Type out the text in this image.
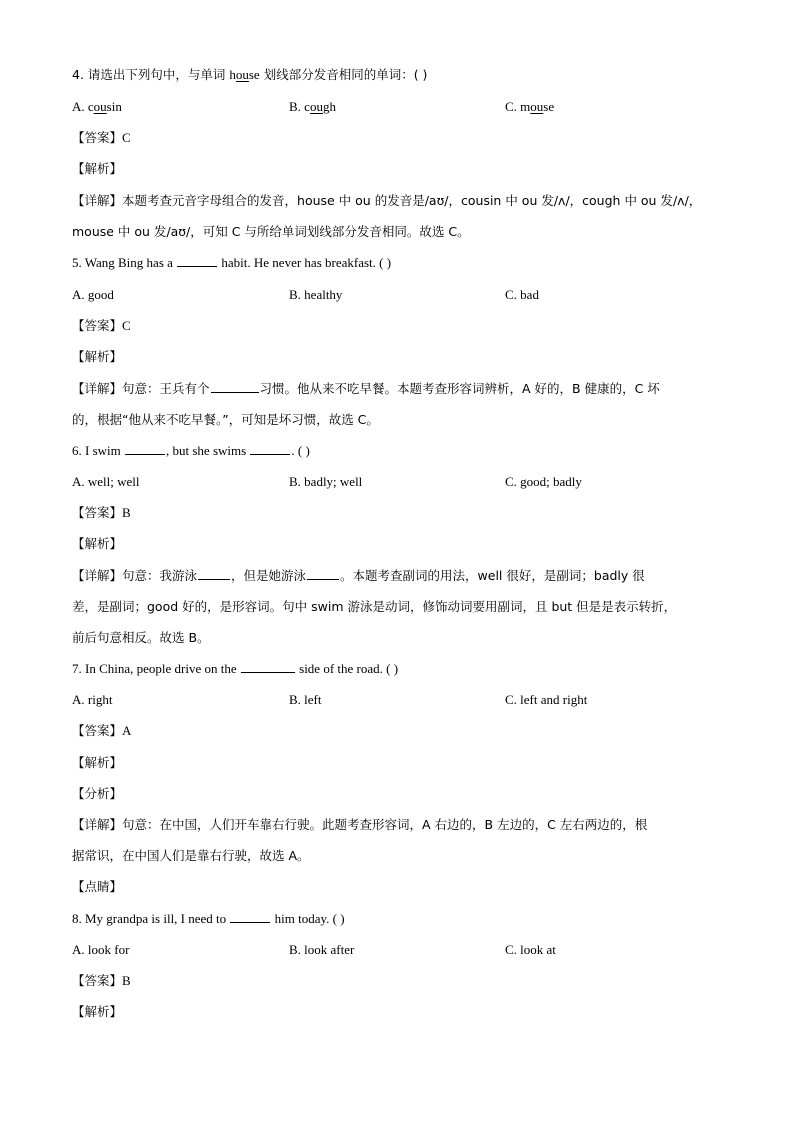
4. 请选出下列句中，与单词 house 划线部分发音相同的单词：( )
A. cousin	B. cough	C. mouse
【答案】C
【解析】
【详解】本题考查元音字母组合的发音，house 中 ou 的发音是/aʊ/，cousin 中 ou 发/ʌ/，cough 中 ou 发/ʌ/，
mouse 中 ou 发/aʊ/，可知 C 与所给单词划线部分发音相同。故选 C。
5. Wang Bing has a	habit. He never has breakfast. ( )
A. good	B. healthy	C. bad
【答案】C
【解析】
【详解】句意：王兵有个	习惯。他从来不吃早餐。本题考查形容词辨析，A 好的，B 健康的，C 坏
的，根据“他从来不吃早餐。”，可知是坏习惯，故选 C。
6. I swim	, but she swims	. ( )
A. well; well	B. badly; well	C. good; badly
【答案】B
【解析】
【详解】句意：我游泳	，但是她游泳	。本题考查副词的用法，well 很好，是副词；badly 很
差，是副词；good 好的，是形容词。句中 swim 游泳是动词，修饰动词要用副词，且 but 但是是表示转折，
前后句意相反。故选 B。
7. In China, people drive on the	side of the road. ( )
A. right	B. left	C. left and right
【答案】A
【解析】
【分析】
【详解】句意：在中国，人们开车靠右行驶。此题考查形容词，A 右边的，B 左边的，C 左右两边的，根
据常识，在中国人们是靠右行驶，故选 A。
【点睛】
8. My grandpa is ill, I need to	him today. ( )
A. look for	B. look after	C. look at
【答案】B
【解析】
